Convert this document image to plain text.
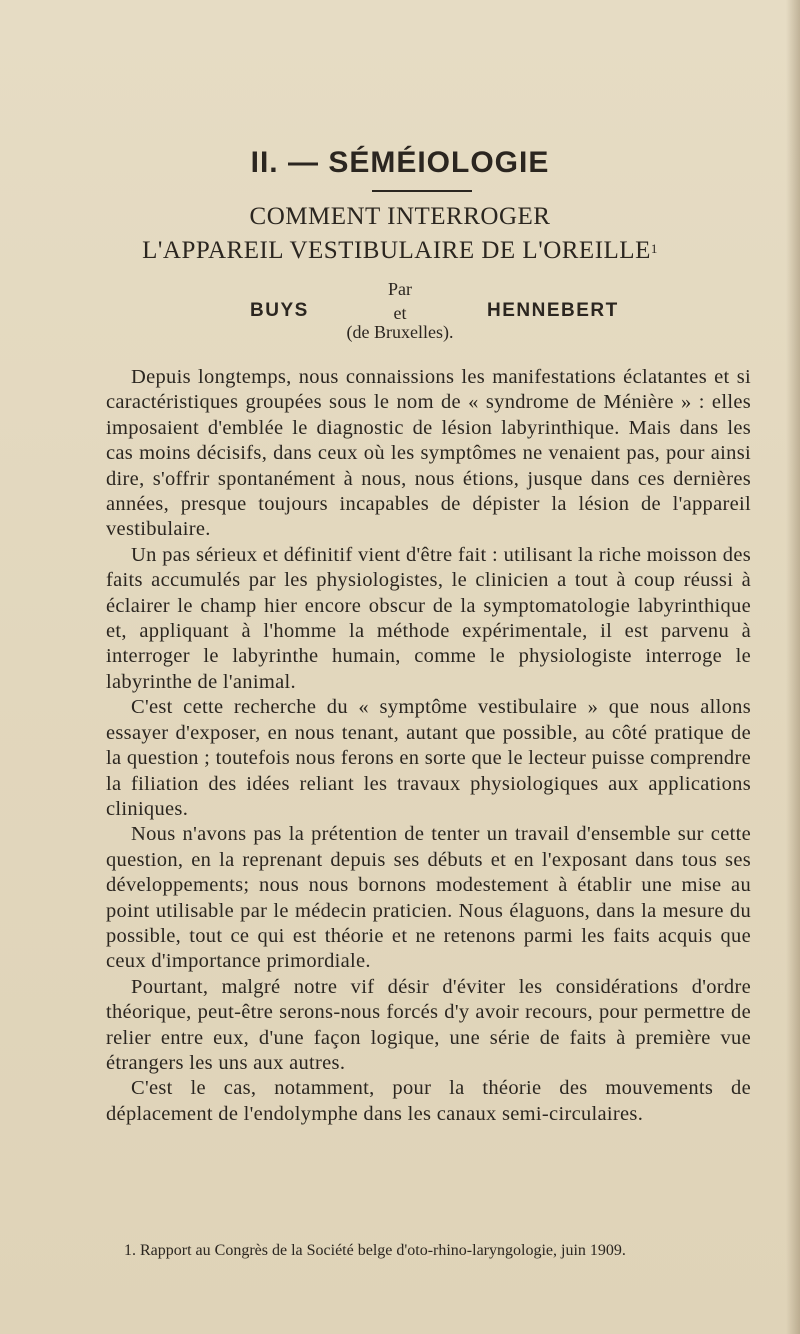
II. — SÉMÉIOLOGIE
COMMENT INTERROGER
L'APPAREIL VESTIBULAIRE DE L'OREILLE$^1$
Par
BUYS	et	HENNEBERT
(de Bruxelles).

Depuis longtemps, nous connaissions les manifestations éclatantes et si caractéristiques groupées sous le nom de « syndrome de Ménière » : elles imposaient d'emblée le diagnostic de lésion labyrinthique. Mais dans les cas moins décisifs, dans ceux où les symptômes ne venaient pas, pour ainsi dire, s'offrir spontanément à nous, nous étions, jusque dans ces dernières années, presque toujours incapables de dépister la lésion de l'appareil vestibulaire.

Un pas sérieux et définitif vient d'être fait : utilisant la riche moisson des faits accumulés par les physiologistes, le clinicien a tout à coup réussi à éclairer le champ hier encore obscur de la symptomatologie labyrinthique et, appliquant à l'homme la méthode expérimentale, il est parvenu à interroger le labyrinthe humain, comme le physiologiste interroge le labyrinthe de l'animal.

C'est cette recherche du « symptôme vestibulaire » que nous allons essayer d'exposer, en nous tenant, autant que possible, au côté pratique de la question ; toutefois nous ferons en sorte que le lecteur puisse comprendre la filiation des idées reliant les travaux physiologiques aux applications cliniques.

Nous n'avons pas la prétention de tenter un travail d'ensemble sur cette question, en la reprenant depuis ses débuts et en l'exposant dans tous ses développements; nous nous bornons modestement à établir une mise au point utilisable par le médecin praticien. Nous élaguons, dans la mesure du possible, tout ce qui est théorie et ne retenons parmi les faits acquis que ceux d'importance primordiale.

Pourtant, malgré notre vif désir d'éviter les considérations d'ordre théorique, peut-être serons-nous forcés d'y avoir recours, pour permettre de relier entre eux, d'une façon logique, une série de faits à première vue étrangers les uns aux autres.

C'est le cas, notamment, pour la théorie des mouvements de déplacement de l'endolymphe dans les canaux semi-circulaires.

1. Rapport au Congrès de la Société belge d'oto-rhino-laryngologie, juin 1909.
